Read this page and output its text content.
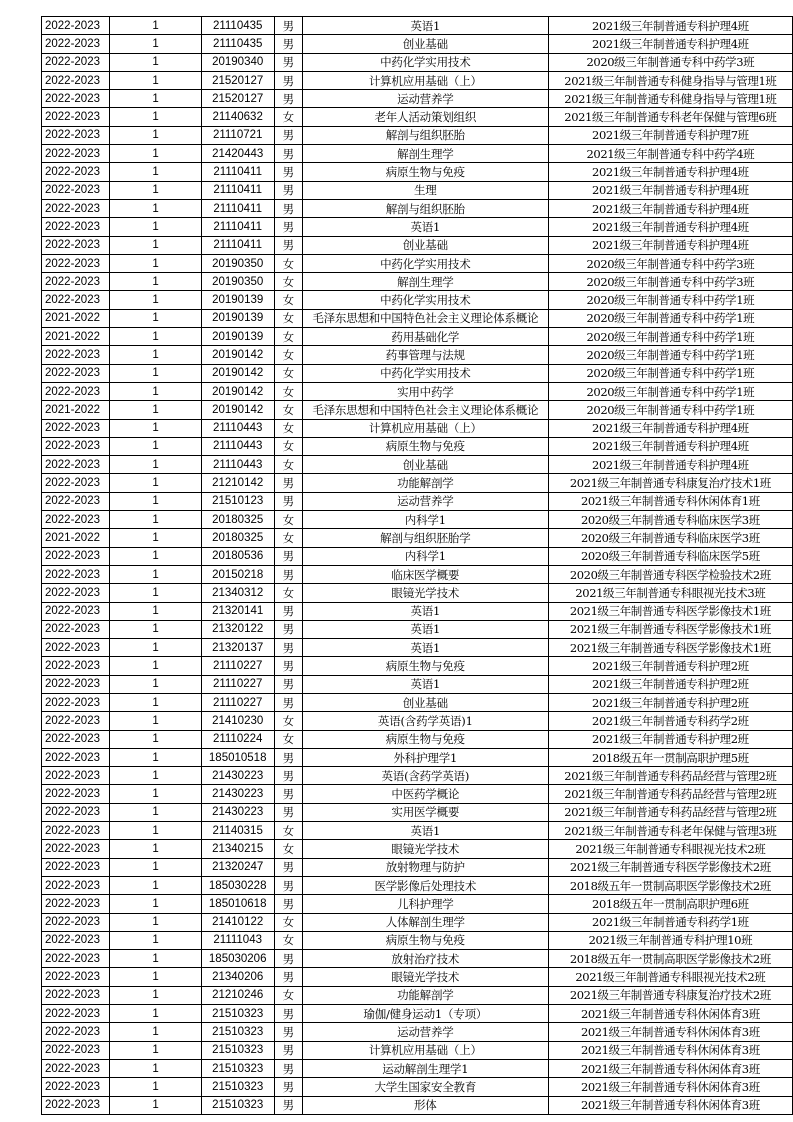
2022-2023	1	21110435	男	英语1	2021级三年制普通专科护理4班
2022-2023	1	21110435	男	创业基础	2021级三年制普通专科护理4班
2022-2023	1	20190340	男	中药化学实用技术	2020级三年制普通专科中药学3班
2022-2023	1	21520127	男	计算机应用基础（上）	2021级三年制普通专科健身指导与管理1班
2022-2023	1	21520127	男	运动营养学	2021级三年制普通专科健身指导与管理1班
2022-2023	1	21140632	女	老年人活动策划组织	2021级三年制普通专科老年保健与管理6班
2022-2023	1	21110721	男	解剖与组织胚胎	2021级三年制普通专科护理7班
2022-2023	1	21420443	男	解剖生理学	2021级三年制普通专科中药学4班
2022-2023	1	21110411	男	病原生物与免疫	2021级三年制普通专科护理4班
2022-2023	1	21110411	男	生理	2021级三年制普通专科护理4班
2022-2023	1	21110411	男	解剖与组织胚胎	2021级三年制普通专科护理4班
2022-2023	1	21110411	男	英语1	2021级三年制普通专科护理4班
2022-2023	1	21110411	男	创业基础	2021级三年制普通专科护理4班
2022-2023	1	20190350	女	中药化学实用技术	2020级三年制普通专科中药学3班
2022-2023	1	20190350	女	解剖生理学	2020级三年制普通专科中药学3班
2022-2023	1	20190139	女	中药化学实用技术	2020级三年制普通专科中药学1班
2021-2022	1	20190139	女	毛泽东思想和中国特色社会主义理论体系概论	2020级三年制普通专科中药学1班
2021-2022	1	20190139	女	药用基础化学	2020级三年制普通专科中药学1班
2022-2023	1	20190142	女	药事管理与法规	2020级三年制普通专科中药学1班
2022-2023	1	20190142	女	中药化学实用技术	2020级三年制普通专科中药学1班
2022-2023	1	20190142	女	实用中药学	2020级三年制普通专科中药学1班
2021-2022	1	20190142	女	毛泽东思想和中国特色社会主义理论体系概论	2020级三年制普通专科中药学1班
2022-2023	1	21110443	女	计算机应用基础（上）	2021级三年制普通专科护理4班
2022-2023	1	21110443	女	病原生物与免疫	2021级三年制普通专科护理4班
2022-2023	1	21110443	女	创业基础	2021级三年制普通专科护理4班
2022-2023	1	21210142	男	功能解剖学	2021级三年制普通专科康复治疗技术1班
2022-2023	1	21510123	男	运动营养学	2021级三年制普通专科休闲体育1班
2022-2023	1	20180325	女	内科学1	2020级三年制普通专科临床医学3班
2021-2022	1	20180325	女	解剖与组织胚胎学	2020级三年制普通专科临床医学3班
2022-2023	1	20180536	男	内科学1	2020级三年制普通专科临床医学5班
2022-2023	1	20150218	男	临床医学概要	2020级三年制普通专科医学检验技术2班
2022-2023	1	21340312	女	眼镜光学技术	2021级三年制普通专科眼视光技术3班
2022-2023	1	21320141	男	英语1	2021级三年制普通专科医学影像技术1班
2022-2023	1	21320122	男	英语1	2021级三年制普通专科医学影像技术1班
2022-2023	1	21320137	男	英语1	2021级三年制普通专科医学影像技术1班
2022-2023	1	21110227	男	病原生物与免疫	2021级三年制普通专科护理2班
2022-2023	1	21110227	男	英语1	2021级三年制普通专科护理2班
2022-2023	1	21110227	男	创业基础	2021级三年制普通专科护理2班
2022-2023	1	21410230	女	英语(含药学英语)1	2021级三年制普通专科药学2班
2022-2023	1	21110224	女	病原生物与免疫	2021级三年制普通专科护理2班
2022-2023	1	185010518	男	外科护理学1	2018级五年一贯制高职护理5班
2022-2023	1	21430223	男	英语(含药学英语)	2021级三年制普通专科药品经营与管理2班
2022-2023	1	21430223	男	中医药学概论	2021级三年制普通专科药品经营与管理2班
2022-2023	1	21430223	男	实用医学概要	2021级三年制普通专科药品经营与管理2班
2022-2023	1	21140315	女	英语1	2021级三年制普通专科老年保健与管理3班
2022-2023	1	21340215	女	眼镜光学技术	2021级三年制普通专科眼视光技术2班
2022-2023	1	21320247	男	放射物理与防护	2021级三年制普通专科医学影像技术2班
2022-2023	1	185030228	男	医学影像后处理技术	2018级五年一贯制高职医学影像技术2班
2022-2023	1	185010618	男	儿科护理学	2018级五年一贯制高职护理6班
2022-2023	1	21410122	女	人体解剖生理学	2021级三年制普通专科药学1班
2022-2023	1	21111043	女	病原生物与免疫	2021级三年制普通专科护理10班
2022-2023	1	185030206	男	放射治疗技术	2018级五年一贯制高职医学影像技术2班
2022-2023	1	21340206	男	眼镜光学技术	2021级三年制普通专科眼视光技术2班
2022-2023	1	21210246	女	功能解剖学	2021级三年制普通专科康复治疗技术2班
2022-2023	1	21510323	男	瑜伽/健身运动1（专项）	2021级三年制普通专科休闲体育3班
2022-2023	1	21510323	男	运动营养学	2021级三年制普通专科休闲体育3班
2022-2023	1	21510323	男	计算机应用基础（上）	2021级三年制普通专科休闲体育3班
2022-2023	1	21510323	男	运动解剖生理学1	2021级三年制普通专科休闲体育3班
2022-2023	1	21510323	男	大学生国家安全教育	2021级三年制普通专科休闲体育3班
2022-2023	1	21510323	男	形体	2021级三年制普通专科休闲体育3班
